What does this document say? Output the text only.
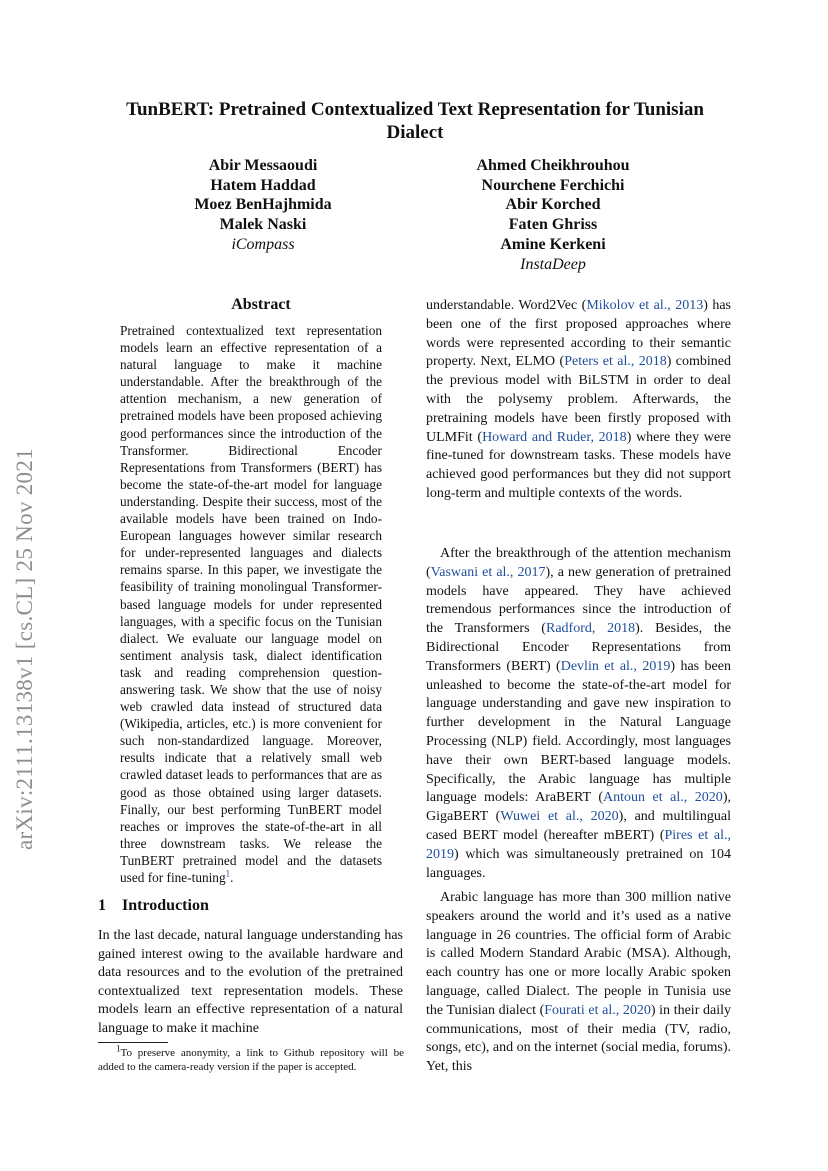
arXiv:2111.13138v1 [cs.CL] 25 Nov 2021
TunBERT: Pretrained Contextualized Text Representation for Tunisian Dialect
Abir Messaoudi
Hatem Haddad
Moez BenHajhmida
Malek Naski
iCompass
Ahmed Cheikhrouhou
Nourchene Ferchichi
Abir Korched
Faten Ghriss
Amine Kerkeni
InstaDeep
Abstract

Pretrained contextualized text representation models learn an effective representation of a natural language to make it machine understandable. After the breakthrough of the attention mechanism, a new generation of pretrained models have been proposed achieving good performances since the introduction of the Transformer. Bidirectional Encoder Representations from Transformers (BERT) has become the state-of-the-art model for language understanding. Despite their success, most of the available models have been trained on Indo-European languages however similar research for under-represented languages and dialects remains sparse. In this paper, we investigate the feasibility of training monolingual Transformer-based language models for under represented languages, with a specific focus on the Tunisian dialect. We evaluate our language model on sentiment analysis task, dialect identification task and reading comprehension question-answering task. We show that the use of noisy web crawled data instead of structured data (Wikipedia, articles, etc.) is more convenient for such non-standardized language. Moreover, results indicate that a relatively small web crawled dataset leads to performances that are as good as those obtained using larger datasets. Finally, our best performing TunBERT model reaches or improves the state-of-the-art in all three downstream tasks. We release the TunBERT pretrained model and the datasets used for fine-tuning$^1$.

1 Introduction

In the last decade, natural language understanding has gained interest owing to the available hardware and data resources and to the evolution of the pretrained contextualized text representation models. These models learn an effective representation of a natural language to make it machine

$^1$To preserve anonymity, a link to Github repository will be added to the camera-ready version if the paper is accepted.

understandable. Word2Vec (Mikolov et al., 2013) has been one of the first proposed approaches where words were represented according to their semantic property. Next, ELMO (Peters et al., 2018) combined the previous model with BiLSTM in order to deal with the polysemy problem. Afterwards, the pretraining models have been firstly proposed with ULMFit (Howard and Ruder, 2018) where they were fine-tuned for downstream tasks. These models have achieved good performances but they did not support long-term and multiple contexts of the words.

After the breakthrough of the attention mechanism (Vaswani et al., 2017), a new generation of pretrained models have appeared. They have achieved tremendous performances since the introduction of the Transformers (Radford, 2018). Besides, the Bidirectional Encoder Representations from Transformers (BERT) (Devlin et al., 2019) has been unleashed to become the state-of-the-art model for language understanding and gave new inspiration to further development in the Natural Language Processing (NLP) field. Accordingly, most languages have their own BERT-based language models. Specifically, the Arabic language has multiple language models: AraBERT (Antoun et al., 2020), GigaBERT (Wuwei et al., 2020), and multilingual cased BERT model (hereafter mBERT) (Pires et al., 2019) which was simultaneously pretrained on 104 languages.

Arabic language has more than 300 million native speakers around the world and it’s used as a native language in 26 countries. The official form of Arabic is called Modern Standard Arabic (MSA). Although, each country has one or more locally Arabic spoken language, called Dialect. The people in Tunisia use the Tunisian dialect (Fourati et al., 2020) in their daily communications, most of their media (TV, radio, songs, etc), and on the internet (social media, forums). Yet, this
